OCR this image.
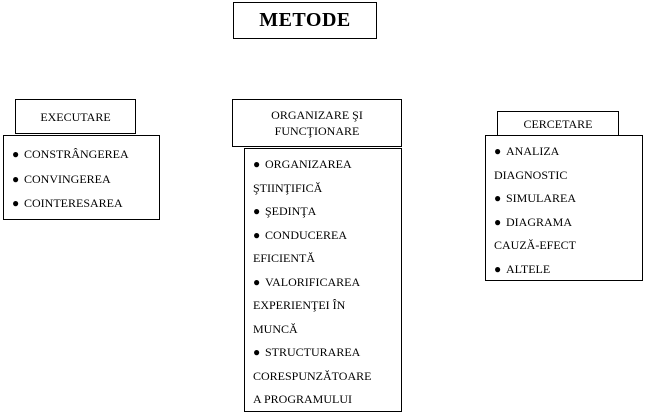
METODE
EXECUTARE
● CONSTRÂNGEREA
● CONVINGEREA
● COINTERESAREA
ORGANIZARE ŞI FUNCŢIONARE
● ORGANIZAREA
ŞTIINŢIFICĂ
● ŞEDINŢA
● CONDUCEREA
EFICIENTĂ
● VALORIFICAREA
EXPERIENŢEI ÎN
MUNCĂ
● STRUCTURAREA
CORESPUNZĂTOARE
A PROGRAMULUI
CERCETARE
● ANALIZA
DIAGNOSTIC
● SIMULAREA
● DIAGRAMA
CAUZĂ-EFECT
● ALTELE
